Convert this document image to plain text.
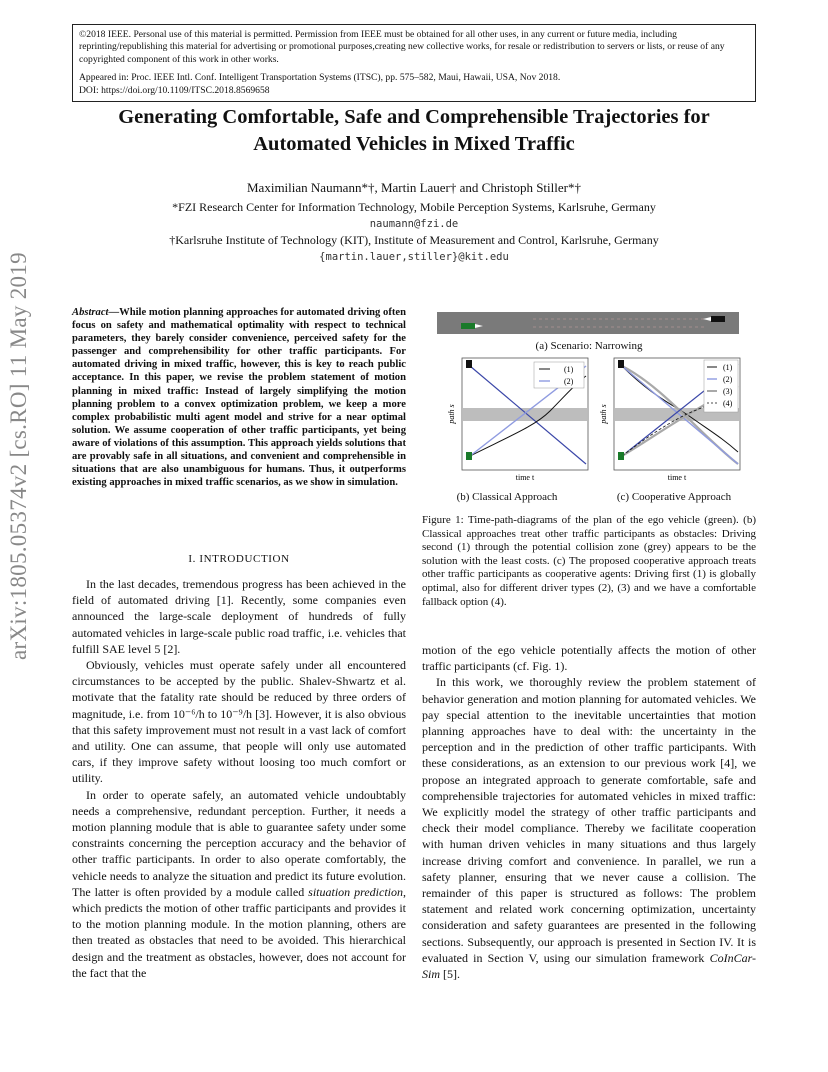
©2018 IEEE. Personal use of this material is permitted. Permission from IEEE must be obtained for all other uses, in any current or future media, including reprinting/republishing this material for advertising or promotional purposes,creating new collective works, for resale or redistribution to servers or lists, or reuse of any copyrighted component of this work in other works.

Appeared in: Proc. IEEE Intl. Conf. Intelligent Transportation Systems (ITSC), pp. 575–582, Maui, Hawaii, USA, Nov 2018.

DOI: https://doi.org/10.1109/ITSC.2018.8569658

Generating Comfortable, Safe and Comprehensible Trajectories for
Automated Vehicles in Mixed Traffic
Maximilian Naumann*†, Martin Lauer† and Christoph Stiller*†
*FZI Research Center for Information Technology, Mobile Perception Systems, Karlsruhe, Germany
naumann@fzi.de
†Karlsruhe Institute of Technology (KIT), Institute of Measurement and Control, Karlsruhe, Germany
{martin.lauer,stiller}@kit.edu
arXiv:1805.05374v2 [cs.RO] 11 May 2019	Abstract—While motion planning approaches for automated driving often focus on safety and mathematical optimality with respect to technical parameters, they barely consider convenience, perceived safety for the passenger and comprehensibility for other traffic participants. For automated driving in mixed traffic, however, this is key to reach public acceptance. In this paper, we revise the problem statement of motion planning in mixed traffic: Instead of largely simplifying the motion planning problem to a convex optimization problem, we keep a more complex probabilistic multi agent model and strive for a near optimal solution. We assume cooperation of other traffic participants, yet being aware of violations of this assumption. This approach yields solutions that are provably safe in all situations, and convenient and comprehensible in situations that are also unambiguous for humans. Thus, it outperforms existing approaches in mixed traffic scenarios, as we show in simulation.
I. INTRODUCTION

In the last decades, tremendous progress has been achieved in the field of automated driving [1]. Recently, some companies even announced the large-scale deployment of hundreds of fully automated vehicles in large-scale public road traffic, i.e. vehicles that fulfill SAE level 5 [2].

Obviously, vehicles must operate safely under all encountered circumstances to be accepted by the public. Shalev-Shwartz et al. motivate that the fatality rate should be reduced by three orders of magnitude, i.e. from 10⁻⁶/h to 10⁻⁹/h [3]. However, it is also obvious that this safety improvement must not result in a vast lack of comfort and utility. One can assume, that people will only use automated cars, if they improve safety without loosing too much comfort or utility.

In order to operate safely, an automated vehicle undoubtably needs a comprehensive, redundant perception. Further, it needs a motion planning module that is able to guarantee safety under some constraints concerning the perception accuracy and the behavior of other traffic participants. In order to also operate comfortably, the vehicle needs to analyze the situation and predict its future evolution. The latter is often provided by a module called situation prediction, which predicts the motion of other traffic participants and provides it to the motion planning module. In the motion planning, others are then treated as obstacles that need to be avoided. This hierarchical design and the treatment as obstacles, however, does not account for the fact that the

(a) Scenario: Narrowing
(1)
(2)
path s
time t
(1)
(2)
(3)
(4)
path s
time t
(b) Classical Approach	(c) Cooperative Approach
Figure 1: Time-path-diagrams of the plan of the ego vehicle (green). (b) Classical approaches treat other traffic participants as obstacles: Driving second (1) through the potential collision zone (grey) appears to be the solution with the least costs. (c) The proposed cooperative approach treats other traffic participants as cooperative agents: Driving first (1) is globally optimal, also for different driver types (2), (3) and we have a comfortable fallback option (4).

motion of the ego vehicle potentially affects the motion of other traffic participants (cf. Fig. 1).

In this work, we thoroughly review the problem statement of behavior generation and motion planning for automated vehicles. We pay special attention to the inevitable uncertainties that motion planning approaches have to deal with: the uncertainty in the perception and in the prediction of other traffic participants. With these considerations, as an extension to our previous work [4], we propose an integrated approach to generate comfortable, safe and comprehensible trajectories for automated vehicles in mixed traffic: We explicitly model the strategy of other traffic participants and check their model compliance. Thereby we facilitate cooperation with human driven vehicles in many situations and thus largely increase driving comfort and convenience. In parallel, we run a safety planner, ensuring that we never cause a collision. The remainder of this paper is structured as follows: The problem statement and related work concerning optimization, uncertainty consideration and safety guarantees are presented in the following sections. Subsequently, our approach is presented in Section IV. It is evaluated in Section V, using our simulation framework CoInCar-Sim [5].
